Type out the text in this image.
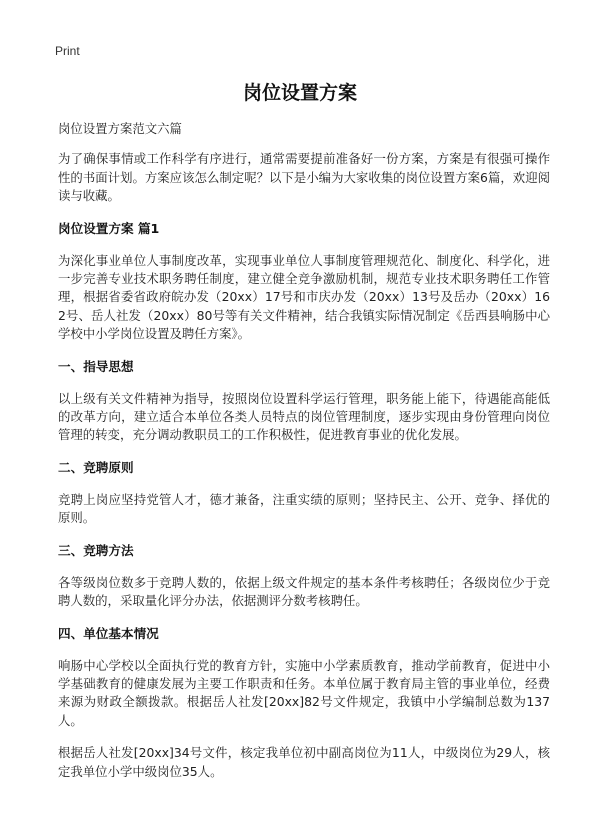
Print
岗位设置方案

岗位设置方案范文六篇

为了确保事情或工作科学有序进行，通常需要提前准备好一份方案，方案是有很强可操作性的书面计划。方案应该怎么制定呢？以下是小编为大家收集的岗位设置方案6篇，欢迎阅读与收藏。

岗位设置方案 篇1

为深化事业单位人事制度改革，实现事业单位人事制度管理规范化、制度化、科学化，进一步完善专业技术职务聘任制度，建立健全竞争激励机制，规范专业技术职务聘任工作管理，根据省委省政府皖办发（20xx）17号和市庆办发（20xx）13号及岳办（20xx）162号、岳人社发（20xx）80号等有关文件精神，结合我镇实际情况制定《岳西县响肠中心学校中小学岗位设置及聘任方案》。

一、指导思想

以上级有关文件精神为指导，按照岗位设置科学运行管理，职务能上能下，待遇能高能低的改革方向，建立适合本单位各类人员特点的岗位管理制度，逐步实现由身份管理向岗位管理的转变，充分调动教职员工的工作积极性，促进教育事业的优化发展。

二、竞聘原则

竞聘上岗应坚持党管人才，德才兼备，注重实绩的原则；坚持民主、公开、竞争、择优的原则。

三、竞聘方法

各等级岗位数多于竞聘人数的，依据上级文件规定的基本条件考核聘任；各级岗位少于竞聘人数的，采取量化评分办法，依据测评分数考核聘任。

四、单位基本情况

响肠中心学校以全面执行党的教育方针，实施中小学素质教育，推动学前教育，促进中小学基础教育的健康发展为主要工作职责和任务。本单位属于教育局主管的事业单位，经费来源为财政全额拨款。根据岳人社发[20xx]82号文件规定，我镇中小学编制总数为137人。

根据岳人社发[20xx]34号文件，核定我单位初中副高岗位为11人，中级岗位为29人，核定我单位小学中级岗位35人。
